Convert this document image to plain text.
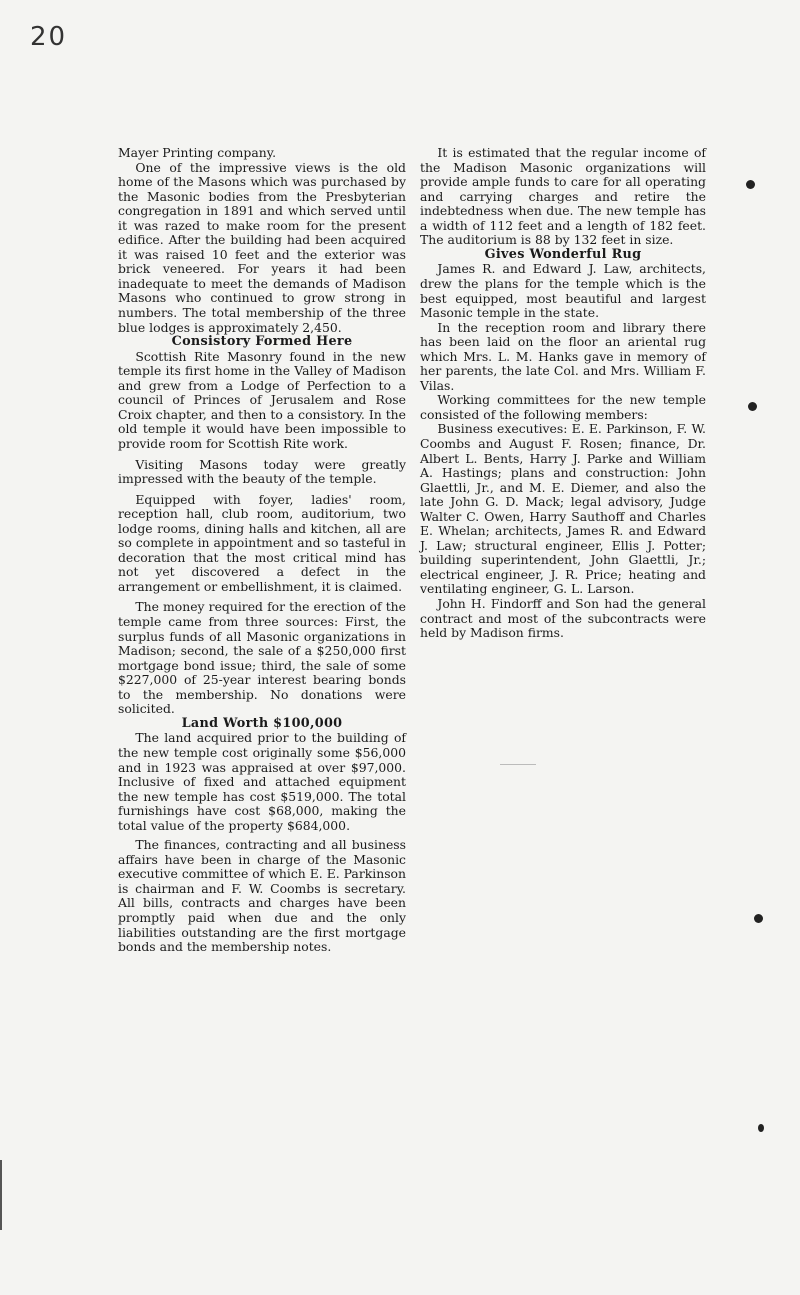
20

Mayer Printing company.

One of the impressive views is the old home of the Masons which was purchased by the Masonic bodies from the Presbyterian congregation in 1891 and which served until it was razed to make room for the present edifice. After the building had been acquired it was raised 10 feet and the exterior was brick veneered. For years it had been inadequate to meet the demands of Madison Masons who continued to grow strong in numbers. The total membership of the three blue lodges is approximately 2,450.

Consistory Formed Here

Scottish Rite Masonry found in the new temple its first home in the Valley of Madison and grew from a Lodge of Perfection to a council of Princes of Jerusalem and Rose Croix chapter, and then to a consistory. In the old temple it would have been impossible to provide room for Scottish Rite work.

Visiting Masons today were greatly impressed with the beauty of the temple.

Equipped with foyer, ladies' room, reception hall, club room, auditorium, two lodge rooms, dining halls and kitchen, all are so complete in appointment and so tasteful in decoration that the most critical mind has not yet discovered a defect in the arrangement or embellishment, it is claimed.

The money required for the erection of the temple came from three sources: First, the surplus funds of all Masonic organizations in Madison; second, the sale of a $250,000 first mortgage bond issue; third, the sale of some $227,000 of 25-year interest bearing bonds to the membership. No donations were solicited.

Land Worth $100,000

The land acquired prior to the building of the new temple cost originally some $56,000 and in 1923 was appraised at over $97,000. Inclusive of fixed and attached equipment the new temple has cost $519,000. The total furnishings have cost $68,000, making the total value of the property $684,000.

The finances, contracting and all business affairs have been in charge of the Masonic executive committee of which E. E. Parkinson is chairman and F. W. Coombs is secretary. All bills, contracts and charges have been promptly paid when due and the only liabilities outstanding are the first mortgage bonds and the membership notes.

It is estimated that the regular income of the Madison Masonic organizations will provide ample funds to care for all operating and carrying charges and retire the indebtedness when due. The new temple has a width of 112 feet and a length of 182 feet. The auditorium is 88 by 132 feet in size.

Gives Wonderful Rug

James R. and Edward J. Law, architects, drew the plans for the temple which is the best equipped, most beautiful and largest Masonic temple in the state.

In the reception room and library there has been laid on the floor an ariental rug which Mrs. L. M. Hanks gave in memory of her parents, the late Col. and Mrs. William F. Vilas.

Working committees for the new temple consisted of the following members:

Business executives: E. E. Parkinson, F. W. Coombs and August F. Rosen; finance, Dr. Albert L. Bents, Harry J. Parke and William A. Hastings; plans and construction: John Glaettli, Jr., and M. E. Diemer, and also the late John G. D. Mack; legal advisory, Judge Walter C. Owen, Harry Sauthoff and Charles E. Whelan; architects, James R. and Edward J. Law; structural engineer, Ellis J. Potter; building superintendent, John Glaettli, Jr.; electrical engineer, J. R. Price; heating and ventilating engineer, G. L. Larson.

John H. Findorff and Son had the general contract and most of the subcontracts were held by Madison firms.
